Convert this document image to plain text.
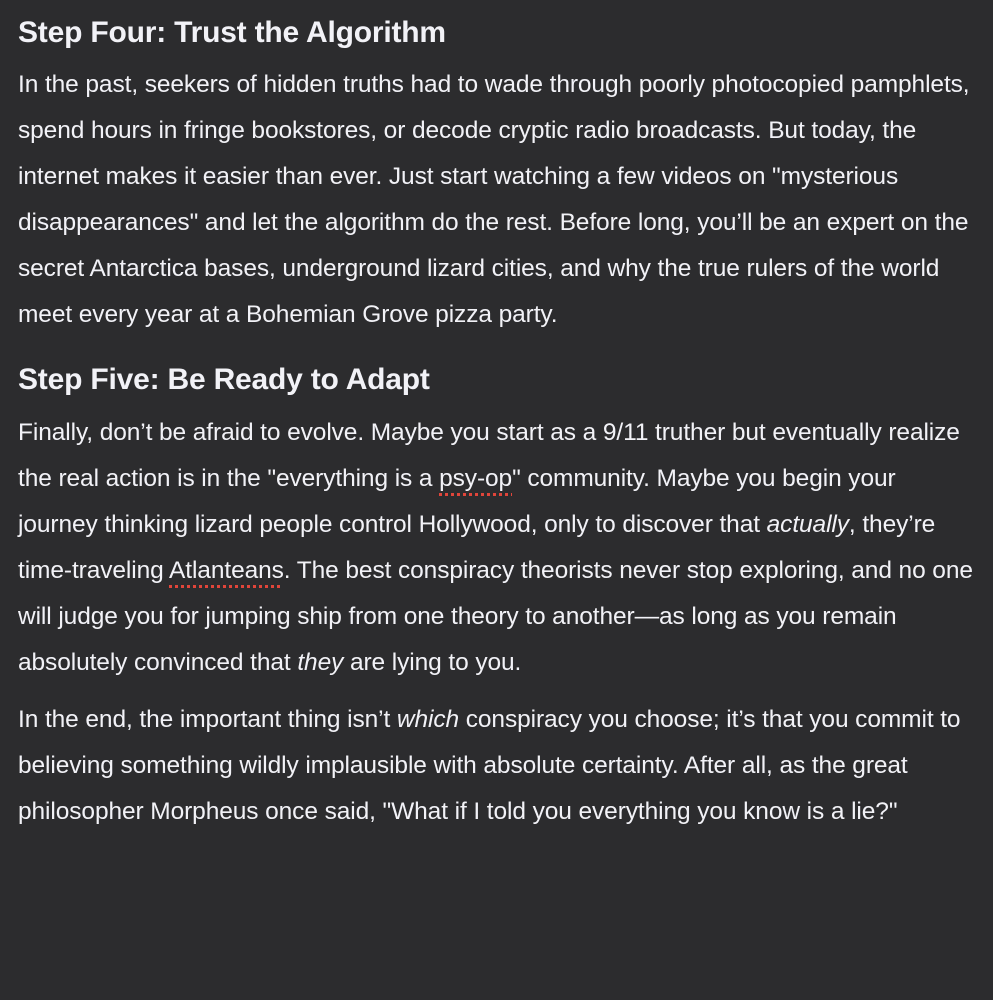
Step Four: Trust the Algorithm

In the past, seekers of hidden truths had to wade through poorly photocopied pamphlets, spend hours in fringe bookstores, or decode cryptic radio broadcasts. But today, the internet makes it easier than ever. Just start watching a few videos on "mysterious disappearances" and let the algorithm do the rest. Before long, you’ll be an expert on the secret Antarctica bases, underground lizard cities, and why the true rulers of the world meet every year at a Bohemian Grove pizza party.

Step Five: Be Ready to Adapt

Finally, don’t be afraid to evolve. Maybe you start as a 9/11 truther but eventually realize the real action is in the "everything is a psy-op" community. Maybe you begin your journey thinking lizard people control Hollywood, only to discover that actually, they’re time-traveling Atlanteans. The best conspiracy theorists never stop exploring, and no one will judge you for jumping ship from one theory to another—as long as you remain absolutely convinced that they are lying to you.

In the end, the important thing isn’t which conspiracy you choose; it’s that you commit to believing something wildly implausible with absolute certainty. After all, as the great philosopher Morpheus once said, "What if I told you everything you know is a lie?"
